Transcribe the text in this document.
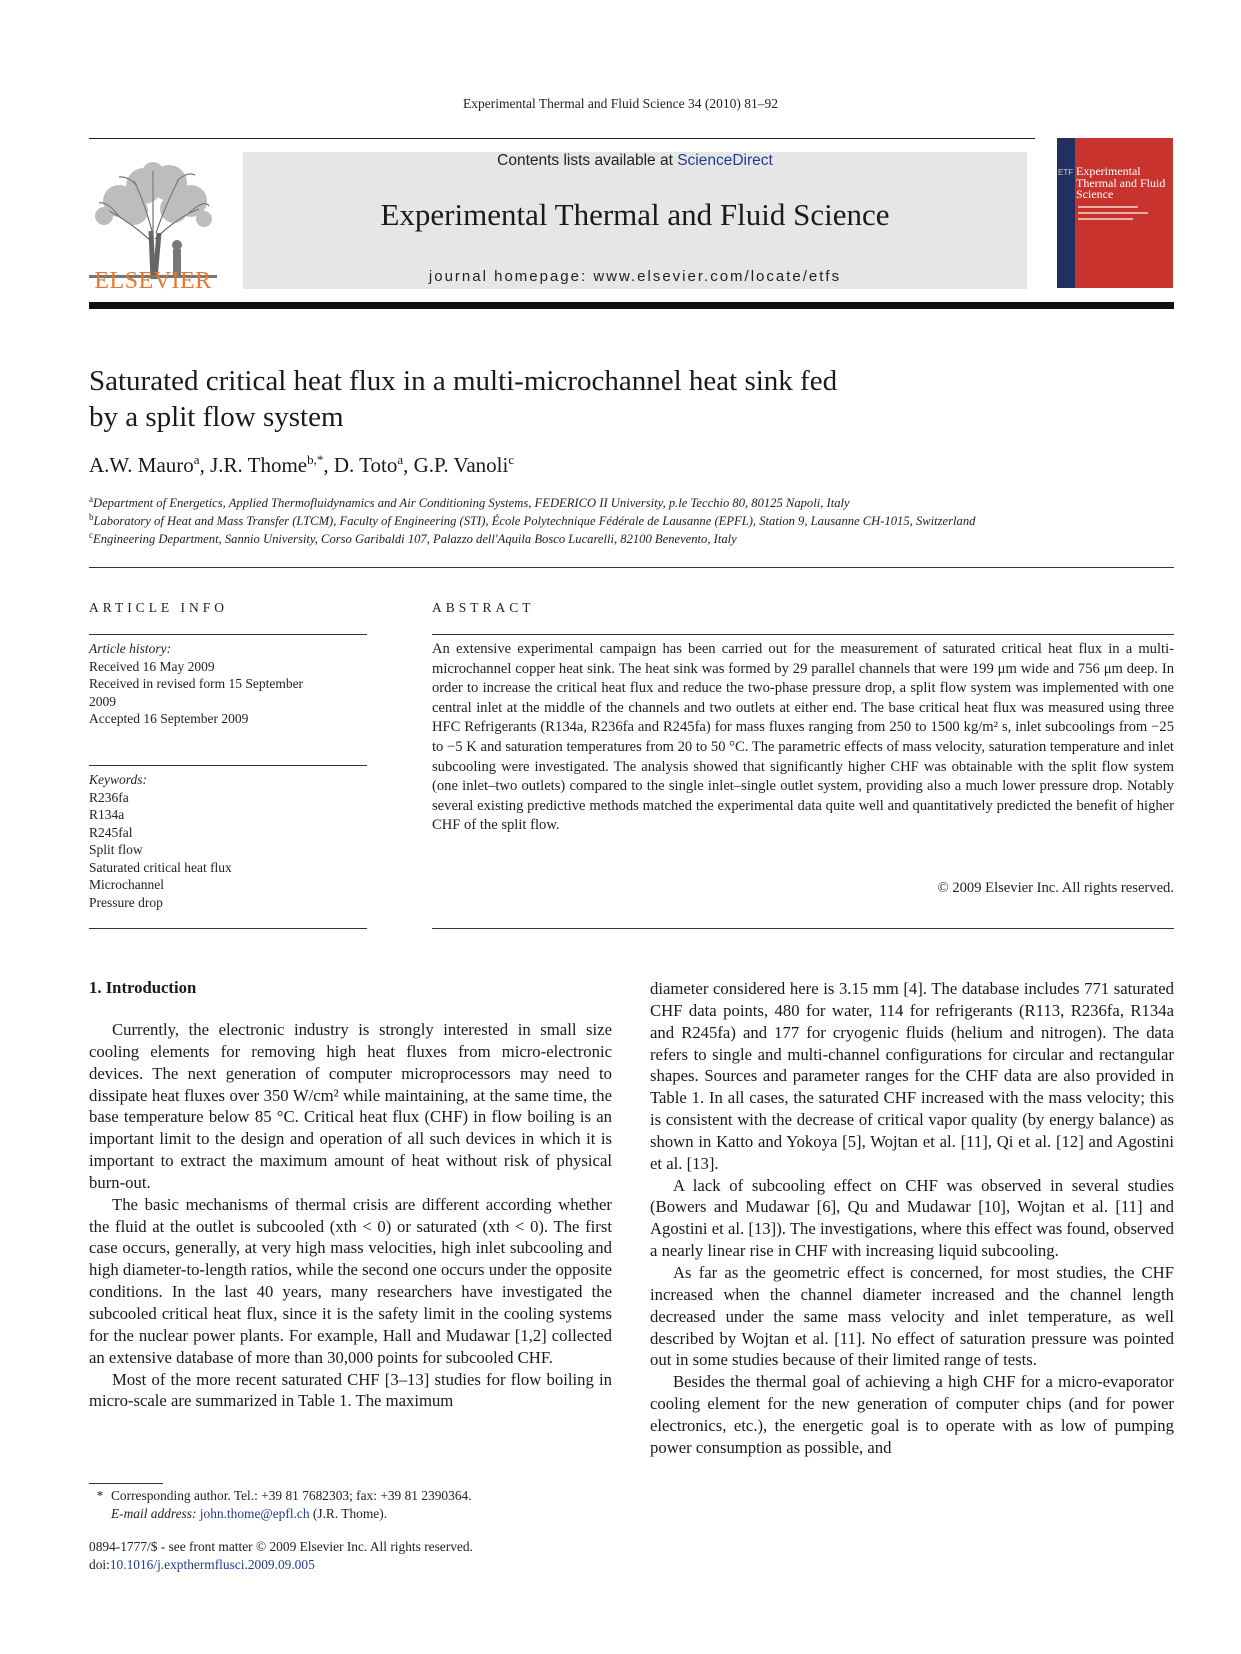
Experimental Thermal and Fluid Science 34 (2010) 81–92
ELSEVIER
Contents lists available at ScienceDirect
Experimental Thermal and Fluid Science
journal homepage: www.elsevier.com/locate/etfs
ETF Experimental Thermal and Fluid Science
Saturated critical heat flux in a multi-microchannel heat sink fed
by a split flow system
A.W. Mauro$^a$, J.R. Thome$^{b,*}$, D. Toto$^a$, G.P. Vanoli$^c$
$^a$Department of Energetics, Applied Thermofluidynamics and Air Conditioning Systems, FEDERICO II University, p.le Tecchio 80, 80125 Napoli, Italy
$^b$Laboratory of Heat and Mass Transfer (LTCM), Faculty of Engineering (STI), École Polytechnique Fédérale de Lausanne (EPFL), Station 9, Lausanne CH-1015, Switzerland
$^c$Engineering Department, Sannio University, Corso Garibaldi 107, Palazzo dell'Aquila Bosco Lucarelli, 82100 Benevento, Italy
ARTICLE INFO	ABSTRACT
Article history:
Received 16 May 2009
Received in revised form 15 September
2009
Accepted 16 September 2009
Keywords:
R236fa
R134a
R245fal
Split flow
Saturated critical heat flux
Microchannel
Pressure drop
An extensive experimental campaign has been carried out for the measurement of saturated critical heat flux in a multi-microchannel copper heat sink. The heat sink was formed by 29 parallel channels that were 199 μm wide and 756 μm deep. In order to increase the critical heat flux and reduce the two-phase pressure drop, a split flow system was implemented with one central inlet at the middle of the channels and two outlets at either end. The base critical heat flux was measured using three HFC Refrigerants (R134a, R236fa and R245fa) for mass fluxes ranging from 250 to 1500 kg/m² s, inlet subcoolings from −25 to −5 K and saturation temperatures from 20 to 50 °C. The parametric effects of mass velocity, saturation temperature and inlet subcooling were investigated. The analysis showed that significantly higher CHF was obtainable with the split flow system (one inlet–two outlets) compared to the single inlet–single outlet system, providing also a much lower pressure drop. Notably several existing predictive methods matched the experimental data quite well and quantitatively predicted the benefit of higher CHF of the split flow.
© 2009 Elsevier Inc. All rights reserved.
1. Introduction

Currently, the electronic industry is strongly interested in small size cooling elements for removing high heat fluxes from micro-electronic devices. The next generation of computer microprocessors may need to dissipate heat fluxes over 350 W/cm² while maintaining, at the same time, the base temperature below 85 °C. Critical heat flux (CHF) in flow boiling is an important limit to the design and operation of all such devices in which it is important to extract the maximum amount of heat without risk of physical burn-out.

The basic mechanisms of thermal crisis are different according whether the fluid at the outlet is subcooled (xth < 0) or saturated (xth < 0). The first case occurs, generally, at very high mass velocities, high inlet subcooling and high diameter-to-length ratios, while the second one occurs under the opposite conditions. In the last 40 years, many researchers have investigated the subcooled critical heat flux, since it is the safety limit in the cooling systems for the nuclear power plants. For example, Hall and Mudawar [1,2] collected an extensive database of more than 30,000 points for subcooled CHF.

Most of the more recent saturated CHF [3–13] studies for flow boiling in micro-scale are summarized in Table 1. The maximum

diameter considered here is 3.15 mm [4]. The database includes 771 saturated CHF data points, 480 for water, 114 for refrigerants (R113, R236fa, R134a and R245fa) and 177 for cryogenic fluids (helium and nitrogen). The data refers to single and multi-channel configurations for circular and rectangular shapes. Sources and parameter ranges for the CHF data are also provided in Table 1. In all cases, the saturated CHF increased with the mass velocity; this is consistent with the decrease of critical vapor quality (by energy balance) as shown in Katto and Yokoya [5], Wojtan et al. [11], Qi et al. [12] and Agostini et al. [13].

A lack of subcooling effect on CHF was observed in several studies (Bowers and Mudawar [6], Qu and Mudawar [10], Wojtan et al. [11] and Agostini et al. [13]). The investigations, where this effect was found, observed a nearly linear rise in CHF with increasing liquid subcooling.

As far as the geometric effect is concerned, for most studies, the CHF increased when the channel diameter increased and the channel length decreased under the same mass velocity and inlet temperature, as well described by Wojtan et al. [11]. No effect of saturation pressure was pointed out in some studies because of their limited range of tests.

Besides the thermal goal of achieving a high CHF for a micro-evaporator cooling element for the new generation of computer chips (and for power electronics, etc.), the energetic goal is to operate with as low of pumping power consumption as possible, and

* Corresponding author. Tel.: +39 81 7682303; fax: +39 81 2390364.
E-mail address: john.thome@epfl.ch (J.R. Thome).
0894-1777/$ - see front matter © 2009 Elsevier Inc. All rights reserved.
doi:10.1016/j.expthermflusci.2009.09.005
